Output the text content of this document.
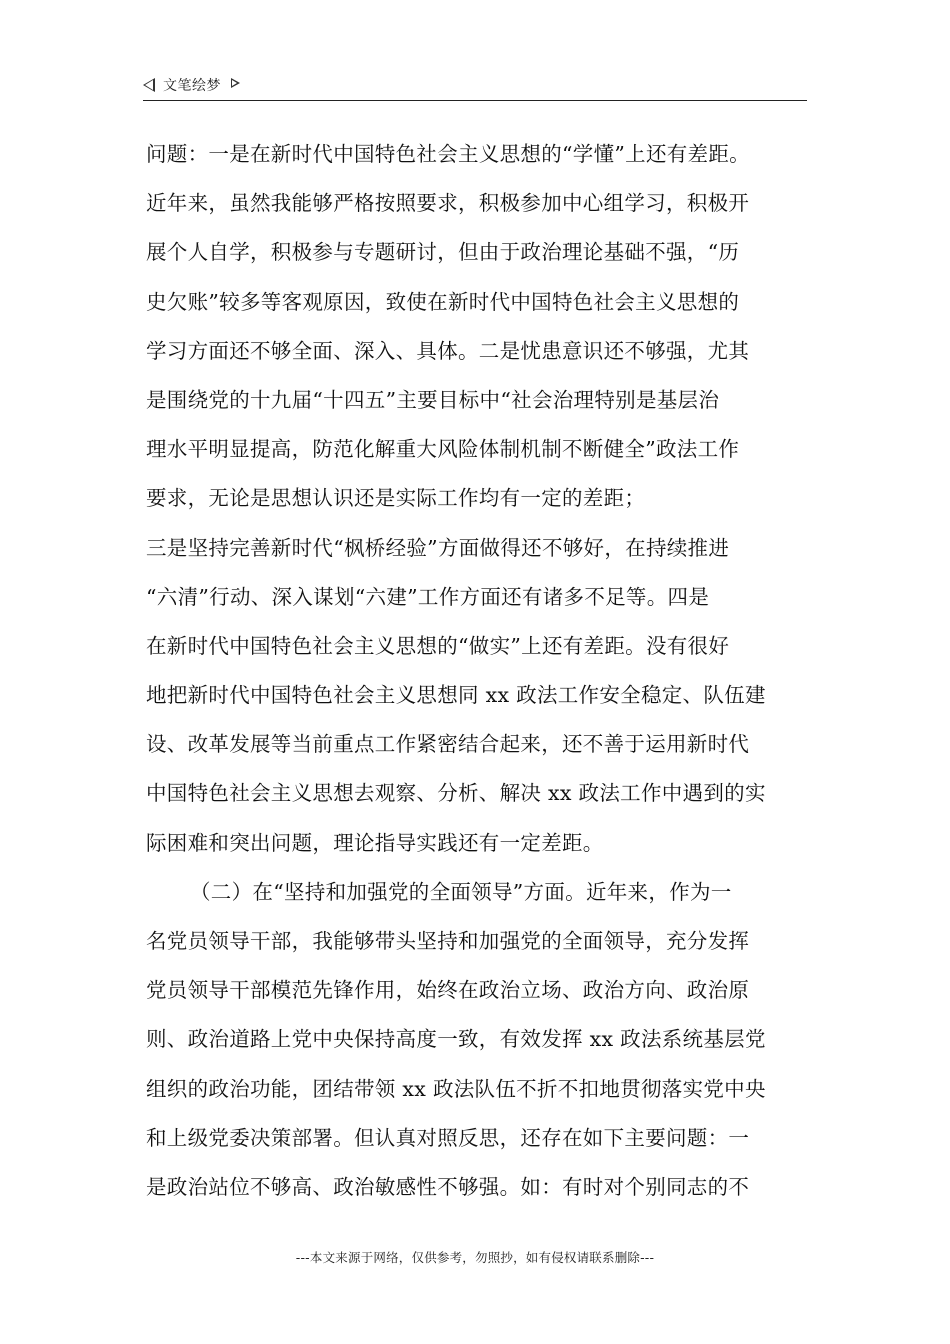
文笔绘梦
问题：一是在新时代中国特色社会主义思想的“学懂”上还有差距。
近年来，虽然我能够严格按照要求，积极参加中心组学习，积极开
展个人自学，积极参与专题研讨，但由于政治理论基础不强，“历
史欠账”较多等客观原因，致使在新时代中国特色社会主义思想的
学习方面还不够全面、深入、具体。二是忧患意识还不够强，尤其
是围绕党的十九届“十四五”主要目标中“社会治理特别是基层治
理水平明显提高，防范化解重大风险体制机制不断健全”政法工作
要求，无论是思想认识还是实际工作均有一定的差距；
三是坚持完善新时代“枫桥经验”方面做得还不够好，在持续推进
“六清”行动、深入谋划“六建”工作方面还有诸多不足等。四是
在新时代中国特色社会主义思想的“做实”上还有差距。没有很好
地把新时代中国特色社会主义思想同 xx 政法工作安全稳定、队伍建
设、改革发展等当前重点工作紧密结合起来，还不善于运用新时代
中国特色社会主义思想去观察、分析、解决 xx 政法工作中遇到的实
际困难和突出问题，理论指导实践还有一定差距。
（二）在“坚持和加强党的全面领导”方面。近年来，作为一
名党员领导干部，我能够带头坚持和加强党的全面领导，充分发挥
党员领导干部模范先锋作用，始终在政治立场、政治方向、政治原
则、政治道路上党中央保持高度一致，有效发挥 xx 政法系统基层党
组织的政治功能，团结带领 xx 政法队伍不折不扣地贯彻落实党中央
和上级党委决策部署。但认真对照反思，还存在如下主要问题：一
是政治站位不够高、政治敏感性不够强。如：有时对个别同志的不
---本文来源于网络，仅供参考，勿照抄，如有侵权请联系删除---
